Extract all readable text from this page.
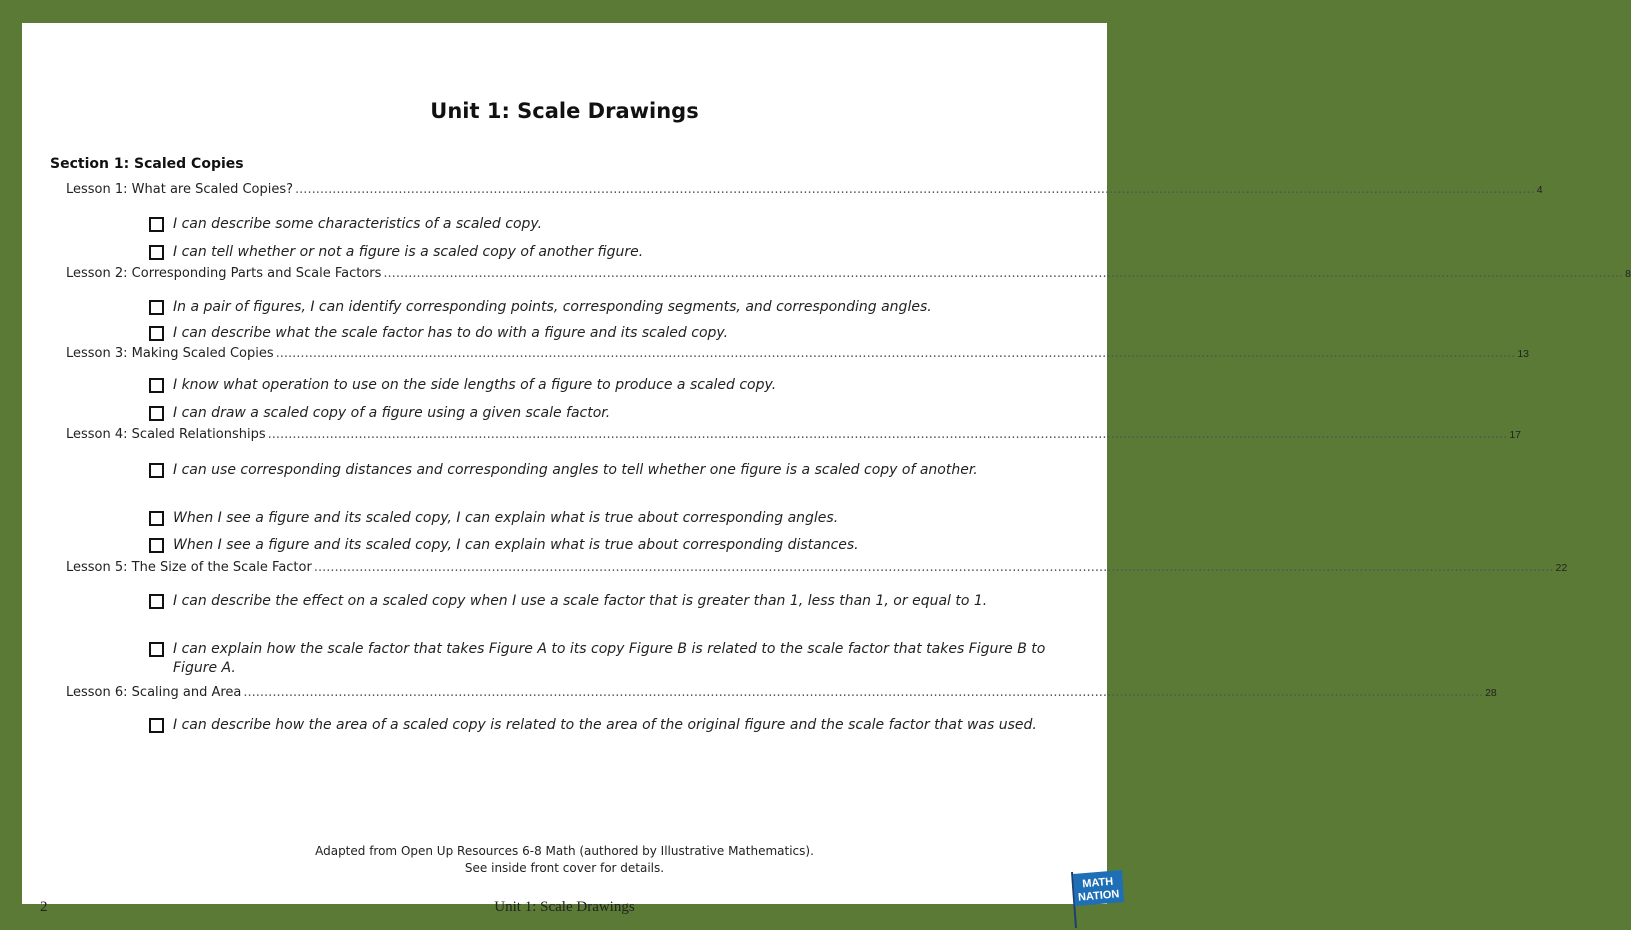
Unit 1: Scale Drawings
Section 1: Scaled Copies
Lesson 1: What are Scaled Copies? ............................................................................................................................................................................................................................................................................................................ 4
I can describe some characteristics of a scaled copy.
I can tell whether or not a figure is a scaled copy of another figure.
Lesson 2: Corresponding Parts and Scale Factors ............................................................................................................................................................................................................................................................................................................ 8
In a pair of figures, I can identify corresponding points, corresponding segments, and corresponding angles.
I can describe what the scale factor has to do with a figure and its scaled copy.
Lesson 3: Making Scaled Copies ............................................................................................................................................................................................................................................................................................................ 13
I know what operation to use on the side lengths of a figure to produce a scaled copy.
I can draw a scaled copy of a figure using a given scale factor.
Lesson 4: Scaled Relationships ............................................................................................................................................................................................................................................................................................................ 17
I can use corresponding distances and corresponding angles to tell whether one figure is a scaled copy of another.
When I see a figure and its scaled copy, I can explain what is true about corresponding angles.
When I see a figure and its scaled copy, I can explain what is true about corresponding distances.
Lesson 5: The Size of the Scale Factor ............................................................................................................................................................................................................................................................................................................ 22
I can describe the effect on a scaled copy when I use a scale factor that is greater than 1, less than 1, or equal to 1.
I can explain how the scale factor that takes Figure A to its copy Figure B is related to the scale factor that takes Figure B to Figure A.
Lesson 6: Scaling and Area ............................................................................................................................................................................................................................................................................................................ 28
I can describe how the area of a scaled copy is related to the area of the original figure and the scale factor that was used.
Adapted from Open Up Resources 6-8 Math (authored by Illustrative Mathematics).
See inside front cover for details.
2	Unit 1: Scale Drawings
MATH
NATION
